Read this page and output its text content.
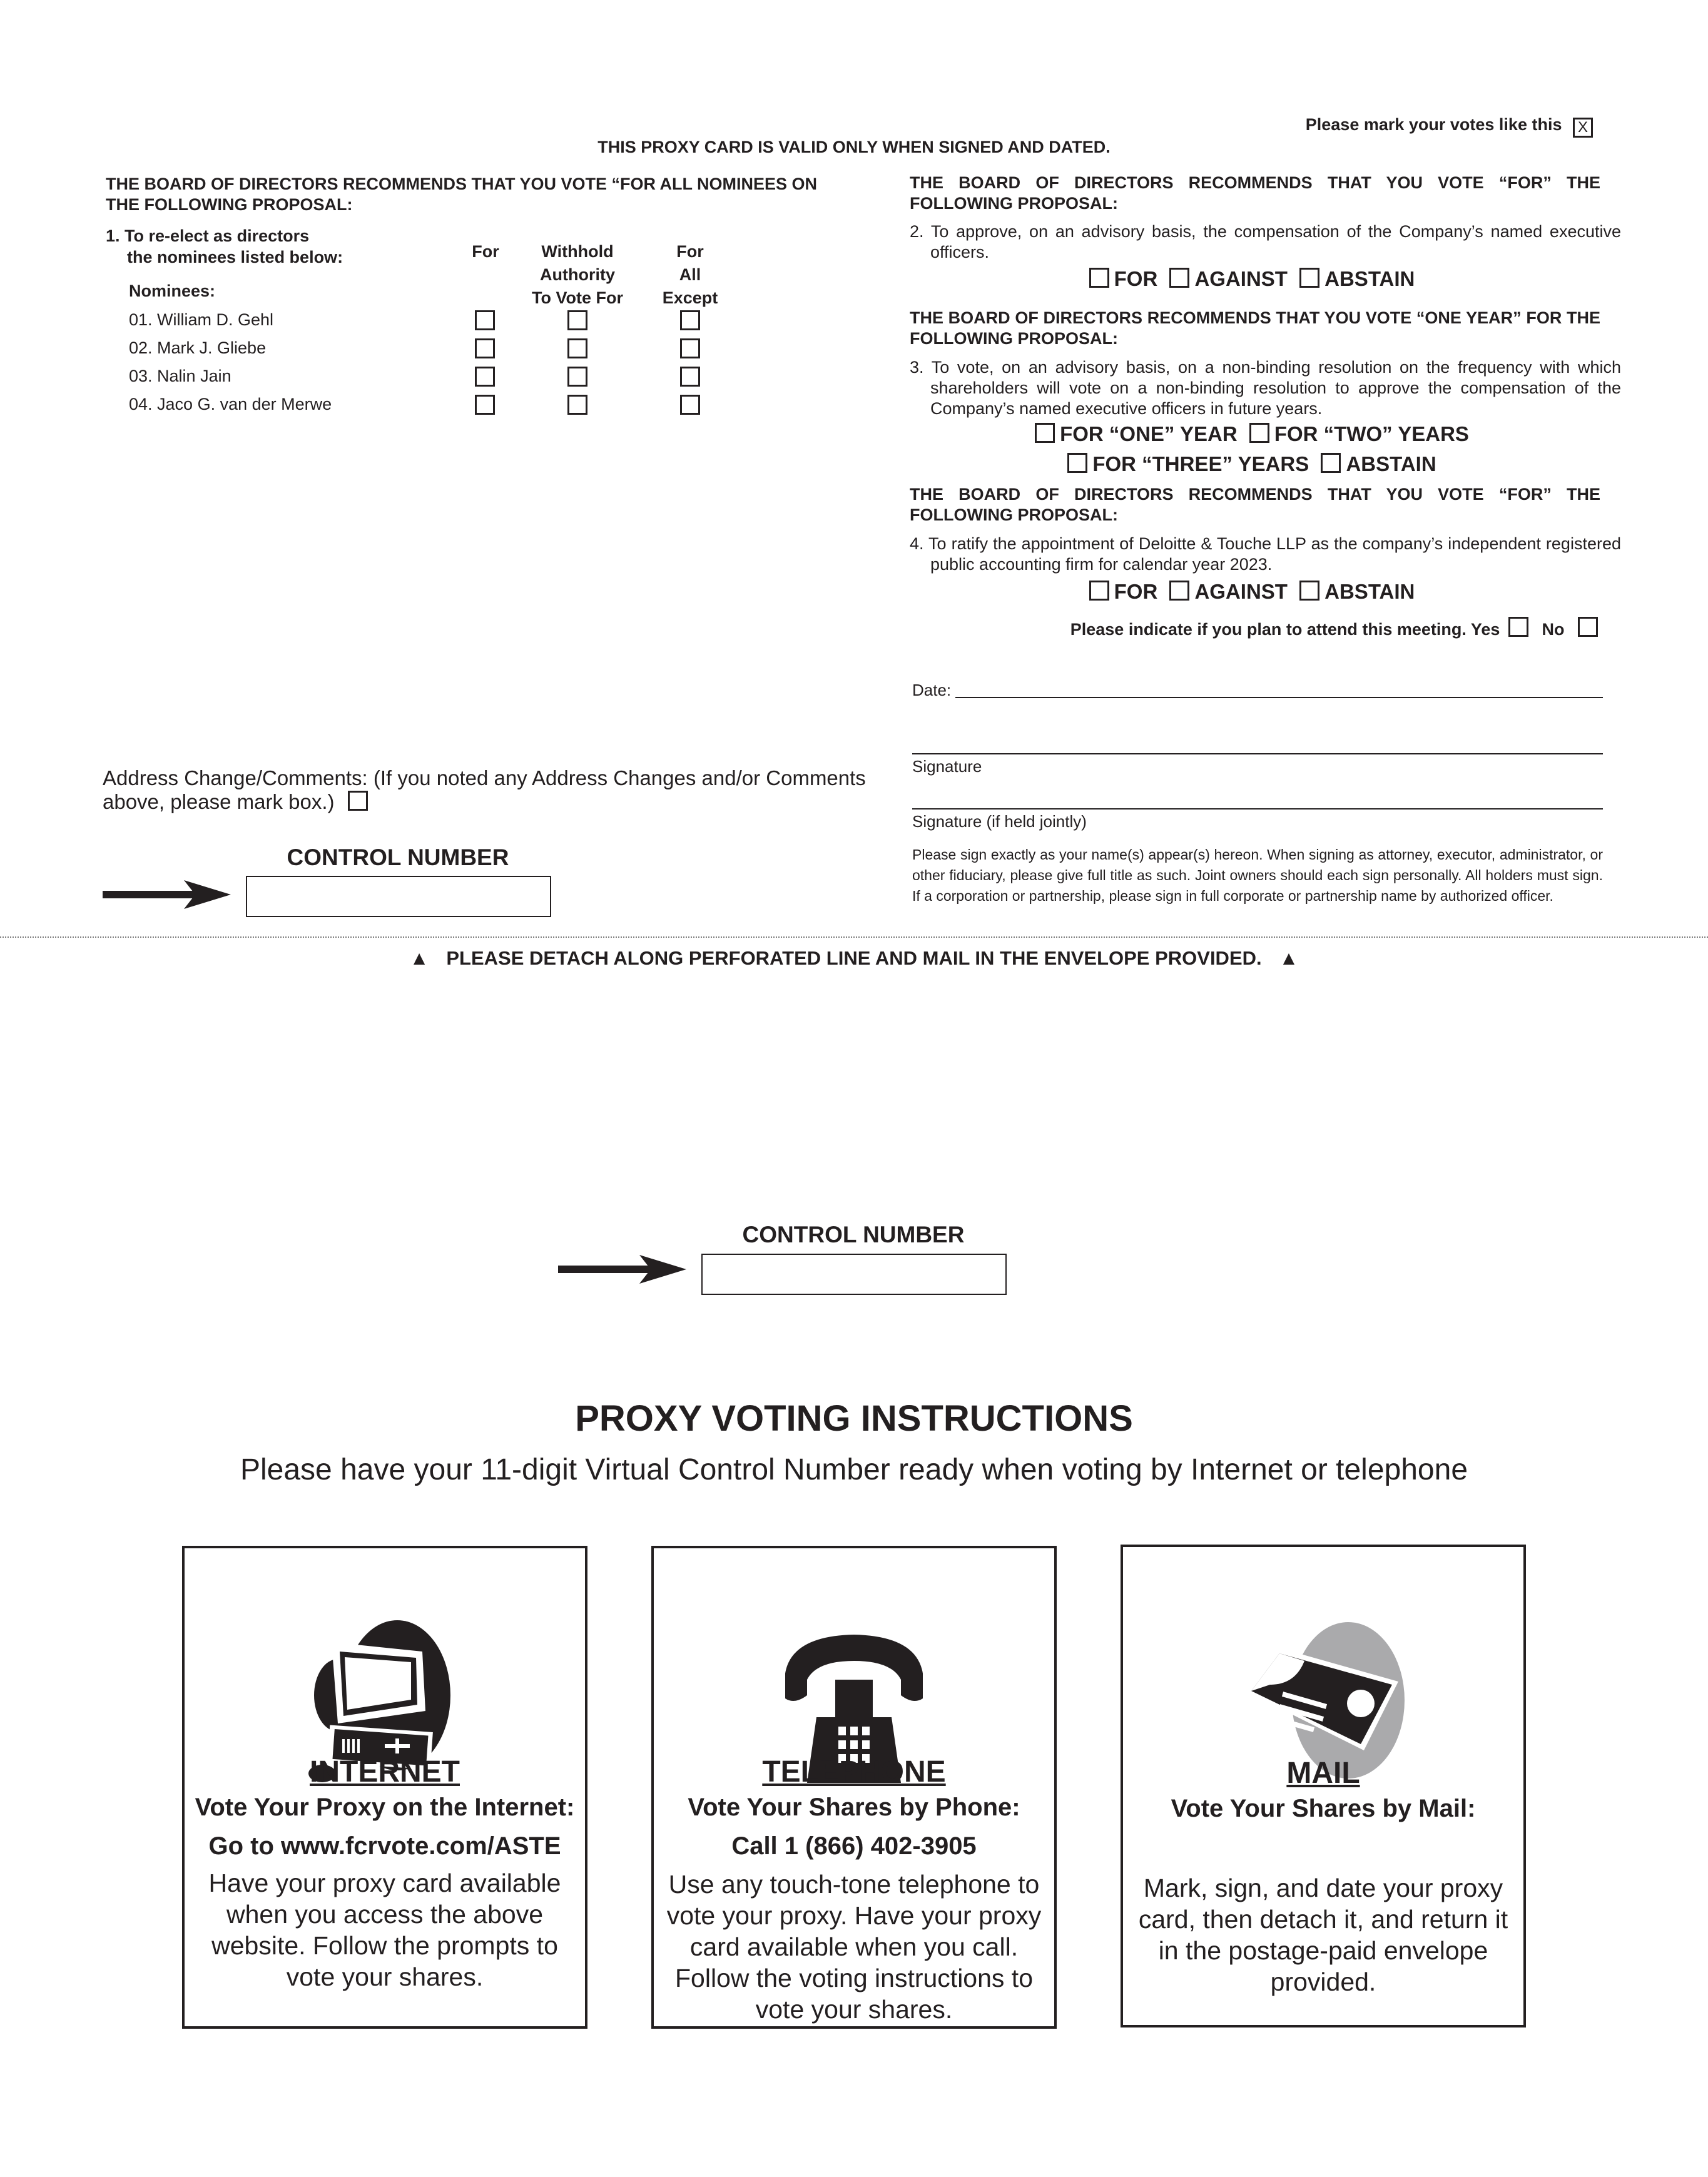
Please mark your votes like this X
THIS PROXY CARD IS VALID ONLY WHEN SIGNED AND DATED.
THE BOARD OF DIRECTORS RECOMMENDS THAT YOU VOTE “FOR ALL NOMINEES ON THE FOLLOWING PROPOSAL:
1. To re-elect as directors
the nominees listed below:
Nominees:
For	Withhold
Authority
To Vote For
For
All
Except
01. William D. Gehl
02. Mark J. Gliebe
03. Nalin Jain
04. Jaco G. van der Merwe
THE BOARD OF DIRECTORS RECOMMENDS THAT YOU VOTE “FOR” THE FOLLOWING PROPOSAL:
2. To approve, on an advisory basis, the compensation of the Company’s named executive officers.
FOR AGAINST ABSTAIN
THE BOARD OF DIRECTORS RECOMMENDS THAT YOU VOTE “ONE YEAR” FOR THE FOLLOWING PROPOSAL:
3. To vote, on an advisory basis, on a non-binding resolution on the frequency with which shareholders will vote on a non-binding resolution to approve the compensation of the Company’s named executive officers in future years.
FOR “ONE” YEAR FOR “TWO” YEARS
FOR “THREE” YEARS ABSTAIN
THE BOARD OF DIRECTORS RECOMMENDS THAT YOU VOTE “FOR” THE FOLLOWING PROPOSAL:
4. To ratify the appointment of Deloitte & Touche LLP as the company’s independent registered public accounting firm for calendar year 2023.
FOR AGAINST ABSTAIN
Please indicate if you plan to attend this meeting. Yes No
Date:
Signature
Signature (if held jointly)
Please sign exactly as your name(s) appear(s) hereon. When signing as attorney, executor, administrator, or other fiduciary, please give full title as such. Joint owners should each sign personally. All holders must sign. If a corporation or partnership, please sign in full corporate or partnership name by authorized officer.
Address Change/Comments: (If you noted any Address Changes and/or Comments
above, please mark box.)
CONTROL NUMBER
▲ PLEASE DETACH ALONG PERFORATED LINE AND MAIL IN THE ENVELOPE PROVIDED. ▲
CONTROL NUMBER
PROXY VOTING INSTRUCTIONS
Please have your 11-digit Virtual Control Number ready when voting by Internet or telephone
INTERNET
Vote Your Proxy on the Internet:
Go to www.fcrvote.com/ASTE
Have your proxy card available when you access the above website. Follow the prompts to vote your shares.
TELEPHONE
Vote Your Shares by Phone:
Call 1 (866) 402-3905
Use any touch-tone telephone to vote your proxy. Have your proxy card available when you call. Follow the voting instructions to vote your shares.
MAIL
Vote Your Shares by Mail:
Mark, sign, and date your proxy card, then detach it, and return it in the postage-paid envelope provided.
